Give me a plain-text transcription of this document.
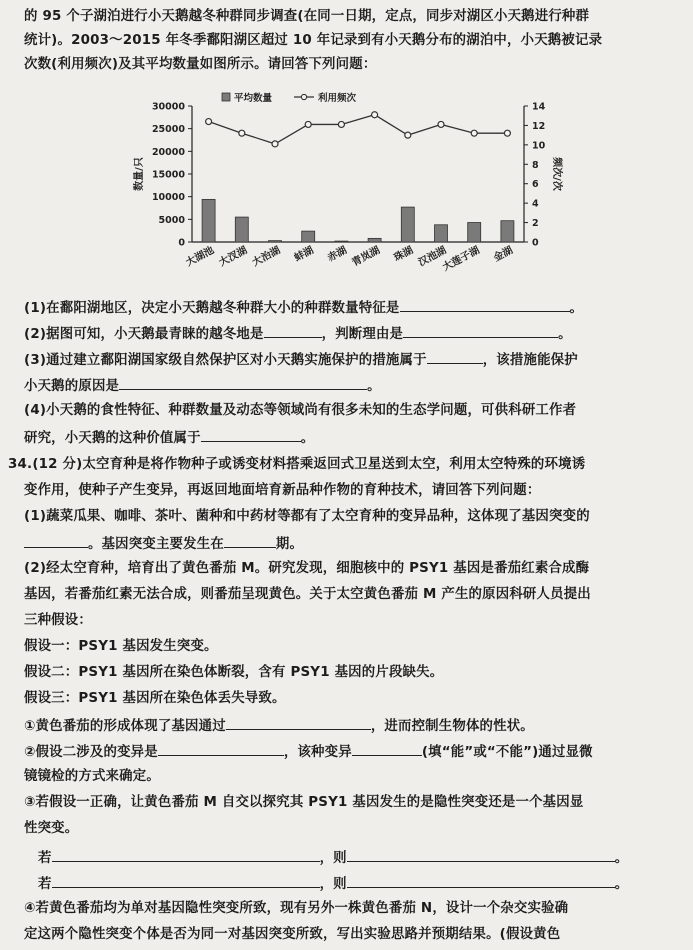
的 95 个子湖泊进行小天鹅越冬种群同步调查(在同一日期，定点，同步对湖区小天鹅进行种群
统计)。2003～2015 年冬季鄱阳湖区超过 10 年记录到有小天鹅分布的湖泊中，小天鹅被记录
次数(利用频次)及其平均数量如图所示。请回答下列问题：
30000
25000
20000
15000
10000
5000
0
14
12
10
8
6
4
2
0
数量/只	频次/次
大湖池 大汊湖 大治湖 蚌湖 赤湖 青岚湖 珠湖 汉池湖
大莲子湖 金湖
平均数量	利用频次
(1)在鄱阳湖地区，决定小天鹅越冬种群大小的种群数量特征是	。
(2)据图可知，小天鹅最青睐的越冬地是	，判断理由是	。
(3)通过建立鄱阳湖国家级自然保护区对小天鹅实施保护的措施属于	，该措施能保护
小天鹅的原因是	。
(4)小天鹅的食性特征、种群数量及动态等领域尚有很多未知的生态学问题，可供科研工作者
研究，小天鹅的这种价值属于	。
34.(12 分)太空育种是将作物种子或诱变材料搭乘返回式卫星送到太空，利用太空特殊的环境诱
变作用，使种子产生变异，再返回地面培育新品种作物的育种技术，请回答下列问题：
(1)蔬菜瓜果、咖啡、茶叶、菌种和中药材等都有了太空育种的变异品种，这体现了基因突变的
。基因突变主要发生在	期。
(2)经太空育种，培育出了黄色番茄 M。研究发现，细胞核中的 PSY1 基因是番茄红素合成酶
基因，若番茄红素无法合成，则番茄呈现黄色。关于太空黄色番茄 M 产生的原因科研人员提出
三种假设：
假设一：PSY1 基因发生突变。
假设二：PSY1 基因所在染色体断裂，含有 PSY1 基因的片段缺失。
假设三：PSY1 基因所在染色体丢失导致。
①黄色番茄的形成体现了基因通过	，进而控制生物体的性状。
②假设二涉及的变异是	，该种变异	(填“能”或“不能”)通过显微
镜镜检的方式来确定。
③若假设一正确，让黄色番茄 M 自交以探究其 PSY1 基因发生的是隐性突变还是一个基因显
性突变。
若	，则	。
若	，则	。
④若黄色番茄均为单对基因隐性突变所致，现有另外一株黄色番茄 N，设计一个杂交实验确
定这两个隐性突变个体是否为同一对基因突变所致，写出实验思路并预期结果。(假设黄色
